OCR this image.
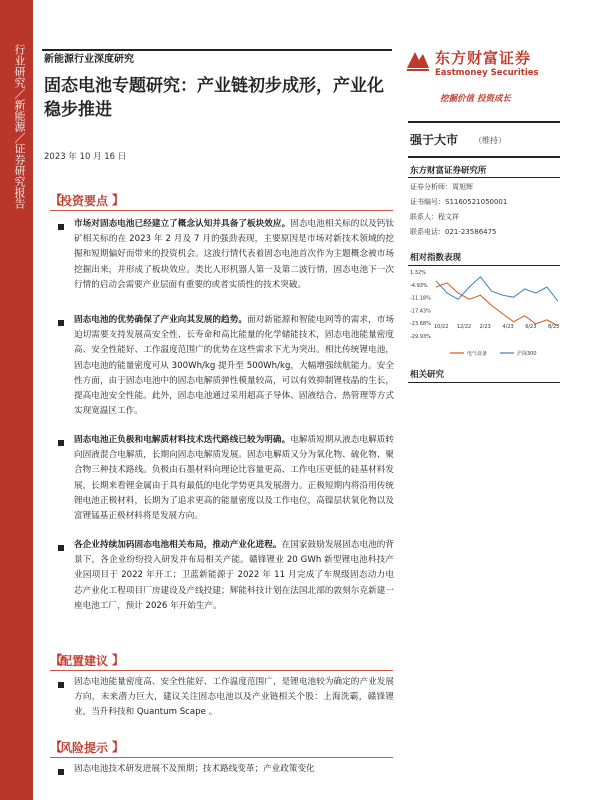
行业研究／新能源／证券研究报告 新能源行业深度研究
固态电池专题研究：产业链初步成形，产业化稳步推进
2023 年 10 月 16 日
东方财富证券
Eastmoney Securities
挖掘价值 投资成长
强于大市 （维持）
东方财富证券研究所
证券分析师：周旭辉
证书编号：S1160521050001
联系人：程文祥
联系电话：021-23586475
相对指数表现
1.32%
-4.93%
-11.18%
-17.43%
-23.68%
-29.93%
10/22 12/22 2/23 4/23 6/23 8/23
电气设备	沪深300
相关研究
【
投资要点 】
市场对固态电池已经建立了概念认知并具备了板块效应。固态电池相关标的以及钙钛矿相关标的在 2023 年 2 月及 7 月的强劲表现，主要原因是市场对新技术领域的挖掘和短期偏好而带来的投资机会。这波行情代表着固态电池首次作为主题概念被市场挖掘出来，并形成了板块效应。类比人形机器人第一及第二波行情，固态电池下一次行情的启动会需要产业层面有重要的或者实质性的技术突破。
固态电池的优势确保了产业向其发展的趋势。面对新能源和智能电网等的需求，市场迫切需要支持发展高安全性、长寿命和高比能量的化学储能技术，固态电池能量密度高、安全性能好、工作温度范围广的优势在这些需求下尤为突出。相比传统锂电池，固态电池的能量密度可从 300Wh/kg 提升至 500Wh/kg，大幅增强续航能力。安全性方面，由于固态电池中的固态电解质弹性模量较高，可以有效抑制锂枝晶的生长，提高电池安全性能。此外，固态电池通过采用超高子导体、固液结合、热管理等方式实现宽温区工作。
固态电池正负极和电解质材料技术迭代路线已较为明确。电解质短期从液态电解质转向固液混合电解质，长期向固态电解质发展。固态电解质又分为氧化物、硫化物、聚合物三种技术路线。负极由石墨材料向理论比容量更高、工作电压更低的硅基材料发展，长期来看锂金属由于具有最低的电化学势更具发展潜力。正极短期内将沿用传统锂电池正极材料，长期为了追求更高的能量密度以及工作电位，高镍层状氧化物以及富锂锰基正极材料将是发展方向。
各企业持续加码固态电池相关布局，推动产业化进程。在国家鼓励发展固态电池的背景下，各企业纷纷投入研发并布局相关产能。赣锋锂业 20 GWh 新型锂电池科技产业园项目于 2022 年开工；卫蓝新能源于 2022 年 11 月完成了车规级固态动力电芯产业化工程项目厂房建设及产线投建；辉能科技计划在法国北部的敦刻尔克新建一座电池工厂，预计 2026 年开始生产。
【
配置建议 】
固态电池能量密度高、安全性能好、工作温度范围广，是锂电池较为确定的产业发展方向，未来潜力巨大，建议关注固态电池以及产业链相关个股：上海洗霸，赣锋锂业，当升科技和 Quantum Scape 。
【
风险提示 】
固态电池技术研发进展不及预期；技术路线变革；产业政策变化
